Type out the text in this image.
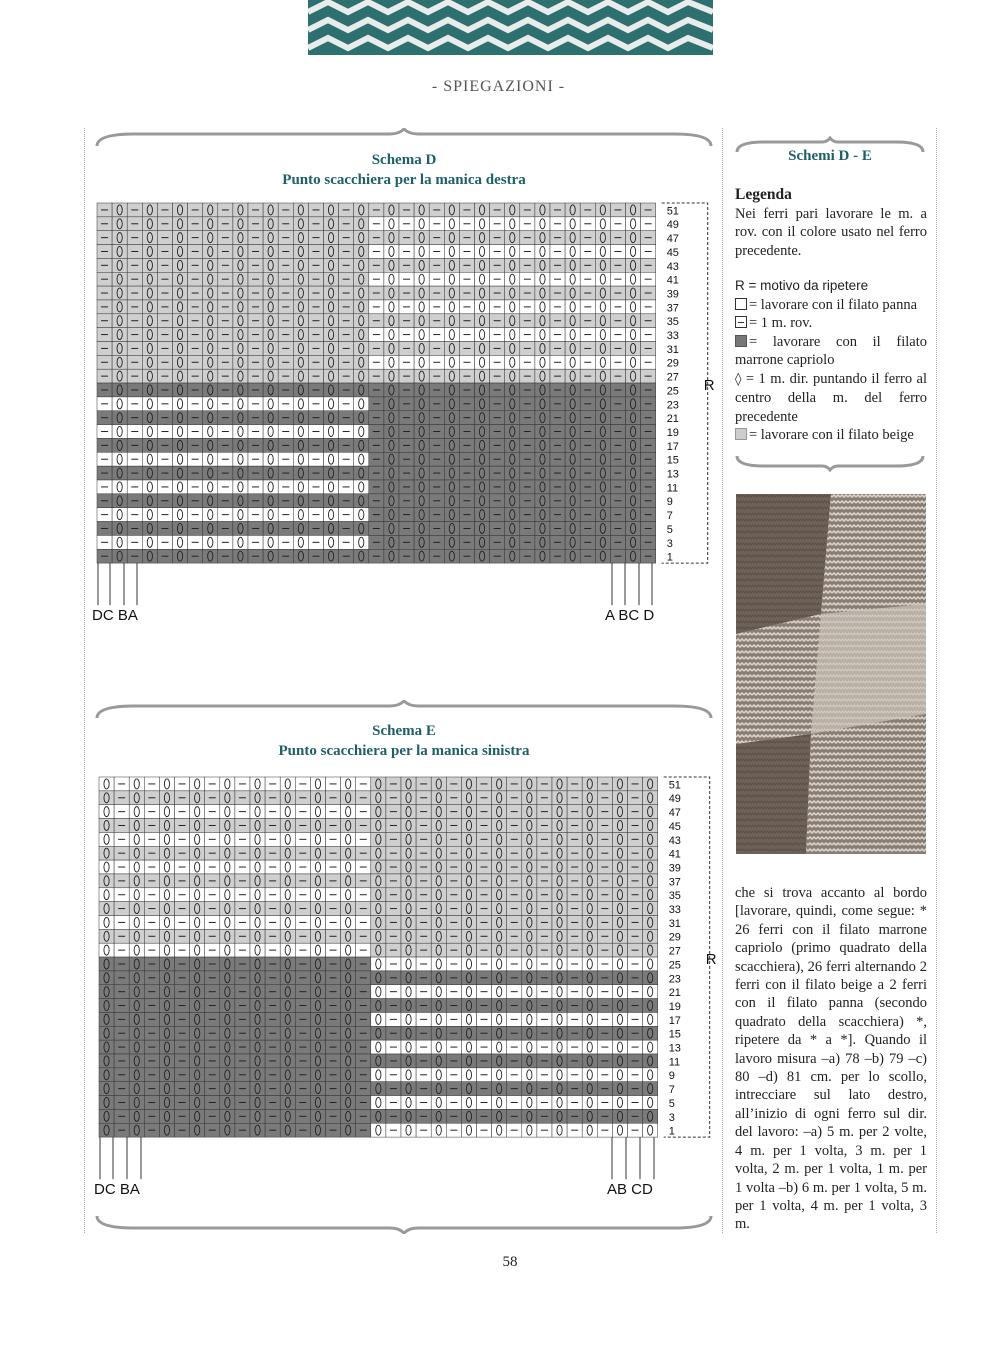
- SPIEGAZIONI -
Schema D
Punto scacchiera per la manica destra
Schema E
Punto scacchiera per la manica sinistra
51
49
47
45
43
41
39
37
35
33
31
29
27
25
23
21
19
17
15
13
11
9
7
5
3
1
R
DC BA	A BC D
51
49
47
45
43
41
39
37
35
33
31
29
27
25
23
21
19
17
15
13
11
9
7
5
3
1
R
DC BA	AB CD
Schemi D - E

Legenda

Nei ferri pari lavorare le m. a rov. con il colore usato nel ferro precedente.

R = motivo da ripetere

= lavorare con il filato panna

= 1 m. rov.

= lavorare con il filato marrone capriolo

◊ = 1 m. dir. puntando il ferro al centro della m. del ferro precedente

= lavorare con il filato beige

che si trova accanto al bordo [lavorare, quindi, come segue: * 26 ferri con il filato marrone capriolo (primo quadrato della scacchiera), 26 ferri alternando 2 ferri con il filato beige a 2 ferri con il filato panna (secondo quadrato della scacchiera) *, ripetere da * a *]. Quando il lavoro misura –a) 78 –b) 79 –c) 80 –d) 81 cm. per lo scollo, intrecciare sul lato destro, all’inizio di ogni ferro sul dir. del lavoro: –a) 5 m. per 2 volte, 4 m. per 1 volta, 3 m. per 1 volta, 2 m. per 1 volta, 1 m. per 1 volta –b) 6 m. per 1 volta, 5 m. per 1 volta, 4 m. per 1 volta, 3 m.
58
